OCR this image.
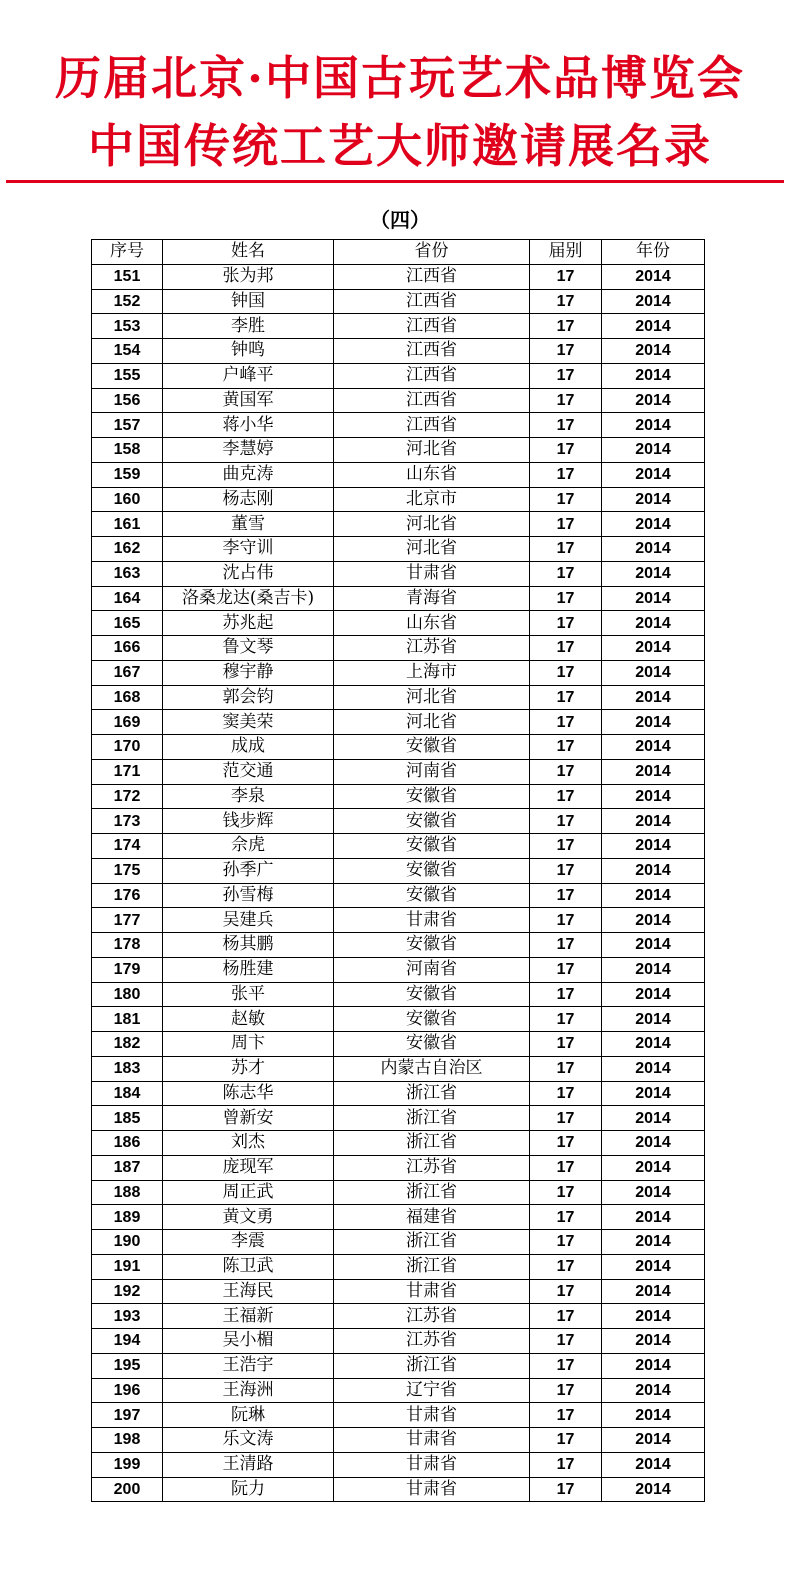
历届北京·中国古玩艺术品博览会
中国传统工艺大师邀请展名录
（四）
序号	姓名	省份	届别	年份
151	张为邦	江西省	17	2014
152	钟国	江西省	17	2014
153	李胜	江西省	17	2014
154	钟鸣	江西省	17	2014
155	户峰平	江西省	17	2014
156	黄国军	江西省	17	2014
157	蒋小华	江西省	17	2014
158	李慧婷	河北省	17	2014
159	曲克涛	山东省	17	2014
160	杨志刚	北京市	17	2014
161	董雪	河北省	17	2014
162	李守训	河北省	17	2014
163	沈占伟	甘肃省	17	2014
164	洛桑龙达(桑吉卡)	青海省	17	2014
165	苏兆起	山东省	17	2014
166	鲁文琴	江苏省	17	2014
167	穆宇静	上海市	17	2014
168	郭会钧	河北省	17	2014
169	窦美荣	河北省	17	2014
170	成成	安徽省	17	2014
171	范交通	河南省	17	2014
172	李泉	安徽省	17	2014
173	钱步辉	安徽省	17	2014
174	佘虎	安徽省	17	2014
175	孙季广	安徽省	17	2014
176	孙雪梅	安徽省	17	2014
177	吴建兵	甘肃省	17	2014
178	杨其鹏	安徽省	17	2014
179	杨胜建	河南省	17	2014
180	张平	安徽省	17	2014
181	赵敏	安徽省	17	2014
182	周卞	安徽省	17	2014
183	苏才	内蒙古自治区	17	2014
184	陈志华	浙江省	17	2014
185	曾新安	浙江省	17	2014
186	刘杰	浙江省	17	2014
187	庞现军	江苏省	17	2014
188	周正武	浙江省	17	2014
189	黄文勇	福建省	17	2014
190	李震	浙江省	17	2014
191	陈卫武	浙江省	17	2014
192	王海民	甘肃省	17	2014
193	王福新	江苏省	17	2014
194	吴小楣	江苏省	17	2014
195	王浩宇	浙江省	17	2014
196	王海洲	辽宁省	17	2014
197	阮琳	甘肃省	17	2014
198	乐文涛	甘肃省	17	2014
199	王清路	甘肃省	17	2014
200	阮力	甘肃省	17	2014
